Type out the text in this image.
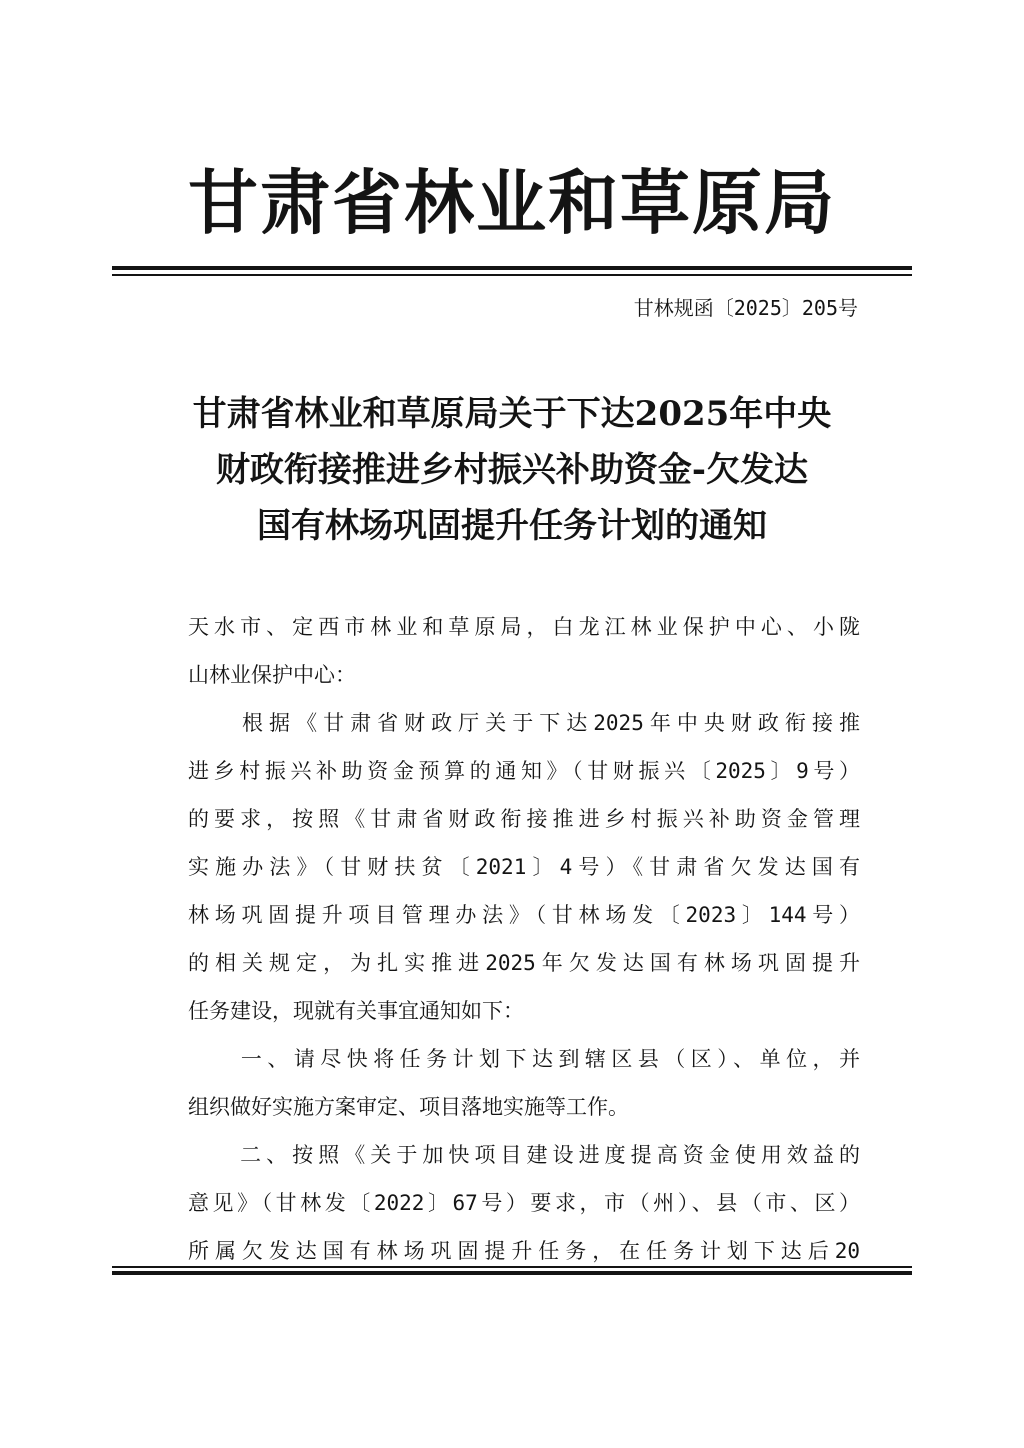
甘肃省林业和草原局
甘林规函〔2025〕205号
甘肃省林业和草原局关于下达2025年中央
财政衔接推进乡村振兴补助资金-欠发达
国有林场巩固提升任务计划的通知
天水市、定西市林业和草原局，白龙江林业保护中心、小陇
山林业保护中心：
　　根据《甘肃省财政厅关于下达2025年中央财政衔接推
进乡村振兴补助资金预算的通知》（甘财振兴〔2025〕9号）
的要求，按照《甘肃省财政衔接推进乡村振兴补助资金管理
实施办法》（甘财扶贫〔2021〕4号）《甘肃省欠发达国有
林场巩固提升项目管理办法》（甘林场发〔2023〕144号）
的相关规定，为扎实推进2025年欠发达国有林场巩固提升
任务建设，现就有关事宜通知如下：
　　一、请尽快将任务计划下达到辖区县（区）、单位，并
组织做好实施方案审定、项目落地实施等工作。
　　二、按照《关于加快项目建设进度提高资金使用效益的
意见》（甘林发〔2022〕67号）要求，市（州）、县（市、区）
所属欠发达国有林场巩固提升任务，在任务计划下达后20
